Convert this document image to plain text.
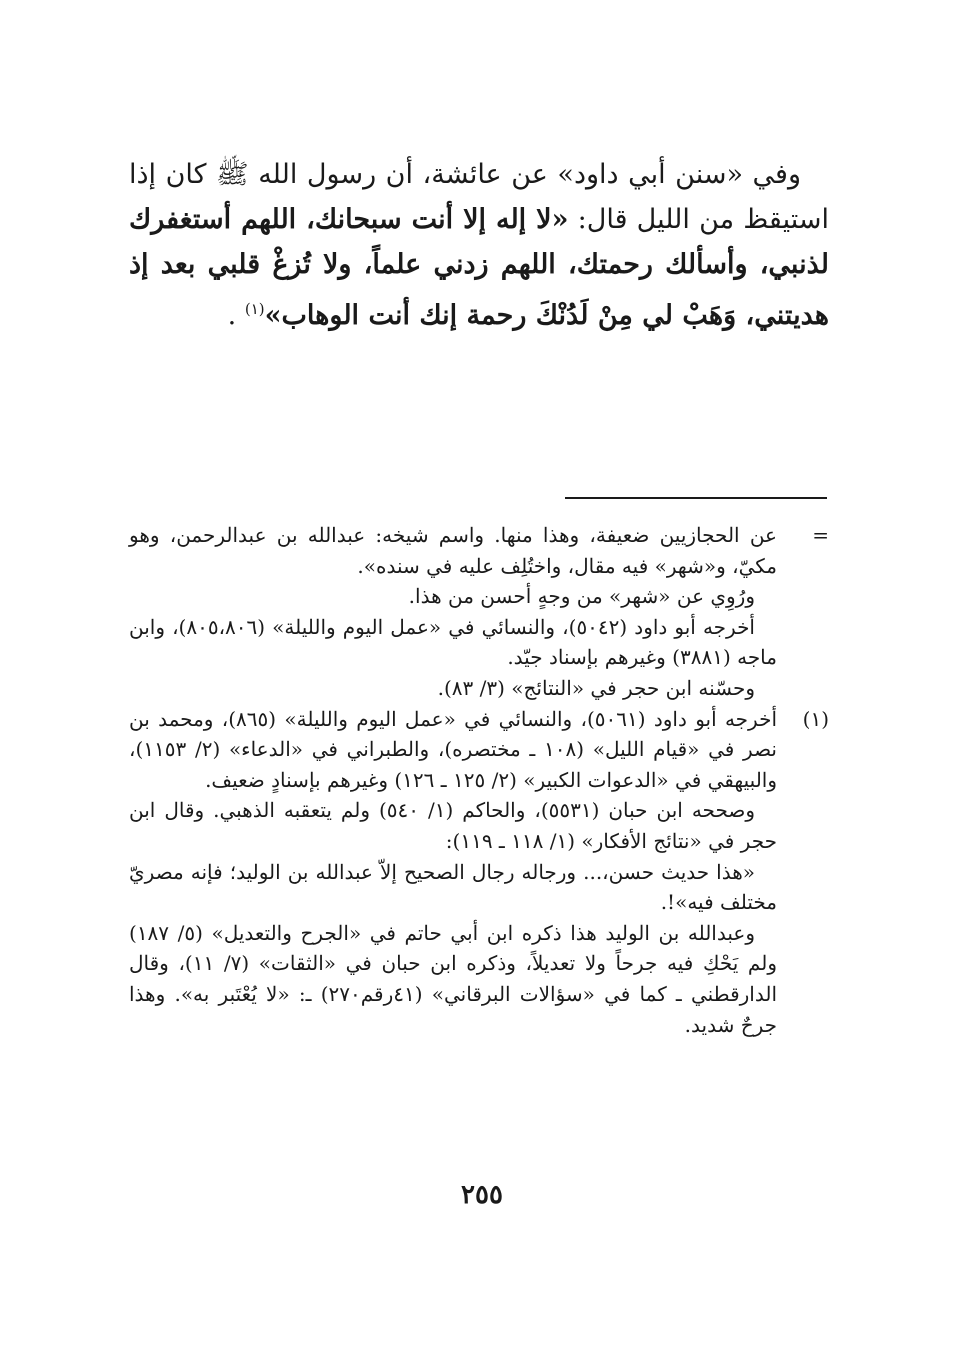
وفي «سنن أبي داود» عن عائشة، أن رسول الله ﷺ كان إذا استيقظ من الليل قال: «لا إله إلا أنت سبحانك، اللهم أستغفرك لذنبي، وأسألك رحمتك، اللهم زدني علماً، ولا تُزغْ قلبي بعد إذ هديتني، وَهَبْ لي مِنْ لَدُنْكَ رحمة إنك أنت الوهاب»$^{(١)}$ .

=

عن الحجازيين ضعيفة، وهذا منها. واسم شيخه: عبدالله بن عبدالرحمن، وهو مكيّ، و«شهر» فيه مقال، واختُلِف عليه في سنده».

ورُوِي عن «شهر» من وجهٍ أحسن من هذا.

أخرجه أبو داود (٥٠٤٢)، والنسائي في «عمل اليوم والليلة» (٨٠٥،٨٠٦)، وابن ماجه (٣٨٨١) وغيرهم بإسناد جيّد.

وحسّنه ابن حجر في «النتائج» (٣/ ٨٣).

(١)

أخرجه أبو داود (٥٠٦١)، والنسائي في «عمل اليوم والليلة» (٨٦٥)، ومحمد بن نصر في «قيام الليل» (١٠٨ ـ مختصره)، والطبراني في «الدعاء» (٢/ ١١٥٣)، والبيهقي في «الدعوات الكبير» (٢/ ١٢٥ ـ ١٢٦) وغيرهم بإسنادٍ ضعيف.

وصححه ابن حبان (٥٥٣١)، والحاكم (١/ ٥٤٠) ولم يتعقبه الذهبي. وقال ابن حجر في «نتائج الأفكار» (١/ ١١٨ ـ ١١٩):

«هذا حديث حسن،... ورجاله رجال الصحيح إلاّ عبدالله بن الوليد؛ فإنه مصريّ مختلف فيه»!.

وعبدالله بن الوليد هذا ذكره ابن أبي حاتم في «الجرح والتعديل» (٥/ ١٨٧) ولم يَحْكِ فيه جرحاً ولا تعديلاً، وذكره ابن حبان في «الثقات» (٧/ ١١)، وقال الدارقطني ـ كما في «سؤالات البرقاني» (٤١رقم٢٧٠) ـ: «لا يُعْتَبر به». وهذا جرحٌ شديد.

٢٥٥
